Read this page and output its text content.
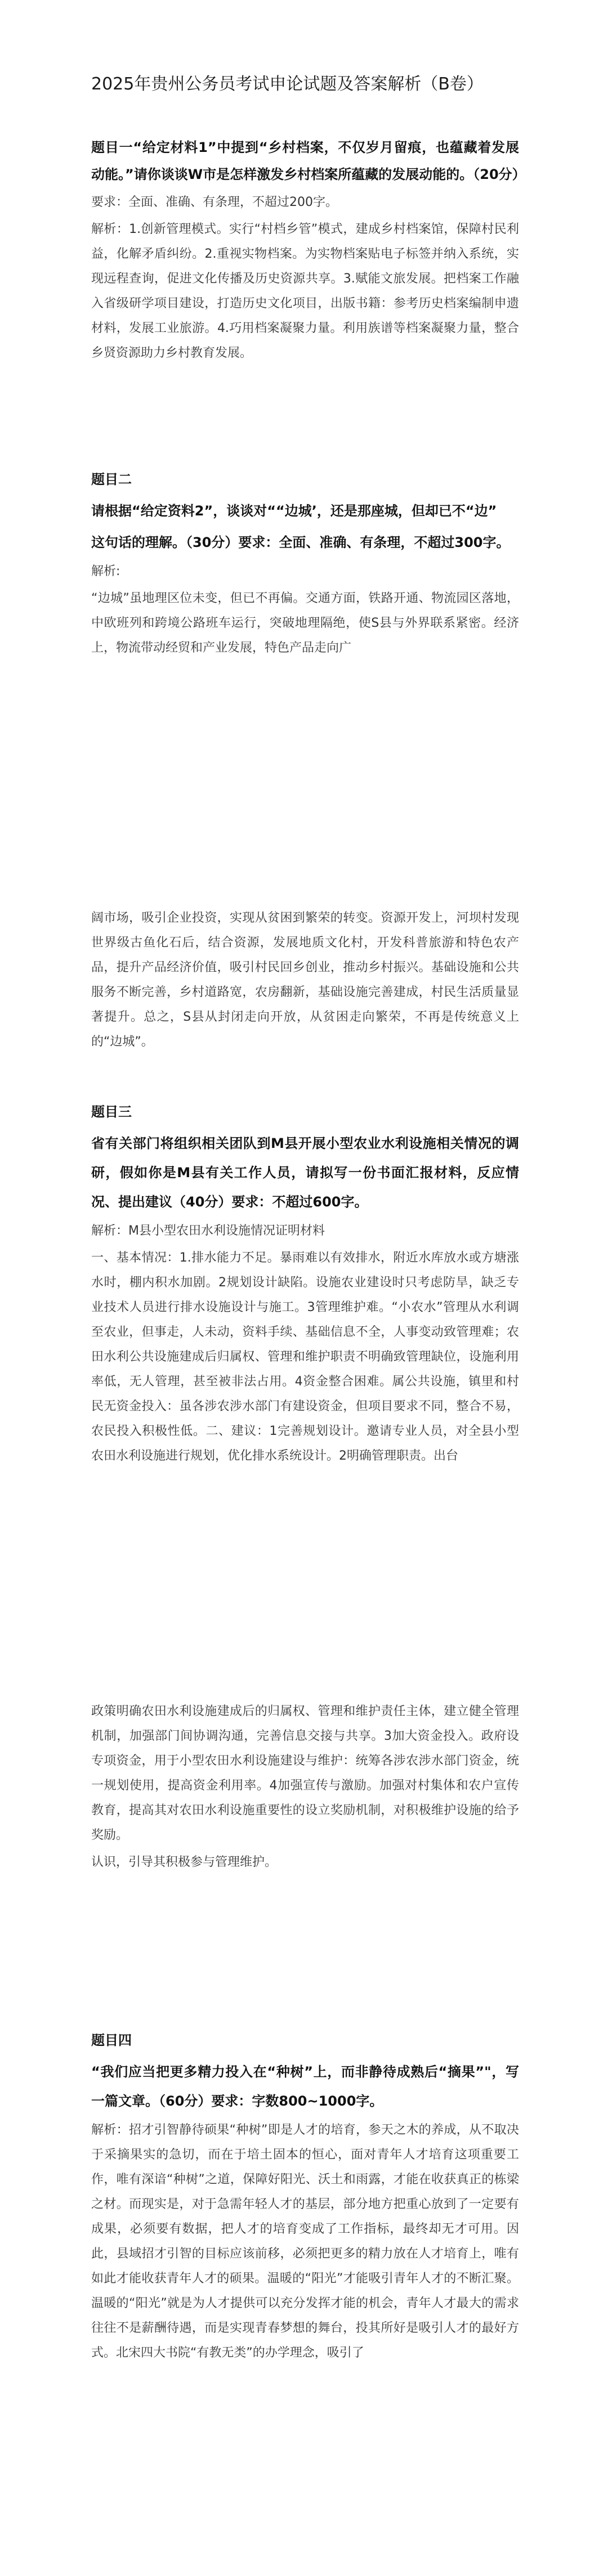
2025年贵州公务员考试申论试题及答案解析（B卷）

题目一“给定材料1”中提到“乡村档案，不仅岁月留痕，也蕴藏着发展动能。”请你谈谈W市是怎样激发乡村档案所蕴藏的发展动能的。（20分）

要求：全面、准确、有条理，不超过200字。

解析：1.创新管理模式。实行“村档乡管”模式，建成乡村档案馆，保障村民利益，化解矛盾纠纷。2.重视实物档案。为实物档案贴电子标签并纳入系统，实现远程查询，促进文化传播及历史资源共享。3.赋能文旅发展。把档案工作融入省级研学项目建设，打造历史文化项目，出版书籍：参考历史档案编制申遗材料，发展工业旅游。4.巧用档案凝聚力量。利用族谱等档案凝聚力量，整合乡贤资源助力乡村教育发展。

题目二

请根据“给定资料2”，谈谈对““边城’，还是那座城，但却已不“边”

这句话的理解。（30分）要求：全面、准确、有条理，不超过300字。

解析:

“边城”虽地理区位未变，但已不再偏。交通方面，铁路开通、物流园区落地，中欧班列和跨境公路班车运行，突破地理隔绝，使S县与外界联系紧密。经济上，物流带动经贸和产业发展，特色产品走向广

阔市场，吸引企业投资，实现从贫困到繁荣的转变。资源开发上，河坝村发现世界级古鱼化石后，结合资源，发展地质文化村，开发科普旅游和特色农产品，提升产品经济价值，吸引村民回乡创业，推动乡村振兴。基础设施和公共服务不断完善，乡村道路宽，农房翻新，基础设施完善建成，村民生活质量显著提升。总之，S县从封闭走向开放，从贫困走向繁荣，不再是传统意义上的“边城”。

题目三

省有关部门将组织相关团队到M县开展小型农业水利设施相关情况的调研，假如你是M县有关工作人员，请拟写一份书面汇报材料，反应情况、提出建议（40分）要求：不超过600字。

解析：M县小型农田水利设施情况证明材料

一、基本情况：1.排水能力不足。暴雨难以有效排水，附近水库放水或方塘涨水时，棚内积水加剧。2规划设计缺陷。设施农业建设时只考虑防旱，缺乏专业技术人员进行排水设施设计与施工。3管理维护难。“小农水”管理从水利调至农业，但事走，人未动，资料手续、基础信息不全，人事变动致管理难；农田水利公共设施建成后归属权、管理和维护职责不明确致管理缺位，设施利用率低，无人管理，甚至被非法占用。4资金整合困难。属公共设施，镇里和村民无资金投入：虽各涉农涉水部门有建设资金，但项目要求不同，整合不易，农民投入积极性低。二、建议：1完善规划设计。邀请专业人员，对全县小型农田水利设施进行规划，优化排水系统设计。2明确管理职责。出台

政策明确农田水利设施建成后的归属权、管理和维护责任主体，建立健全管理机制，加强部门间协调沟通，完善信息交接与共享。3加大资金投入。政府设专项资金，用于小型农田水利设施建设与维护：统筹各涉农涉水部门资金，统一规划使用，提高资金利用率。4加强宣传与激励。加强对村集体和农户宣传教育，提高其对农田水利设施重要性的设立奖励机制，对积极维护设施的给予奖励。

认识，引导其积极参与管理维护。

题目四

“我们应当把更多精力投入在“种树”上，而非静待成熟后“摘果”"，写一篇文章。（60分）要求：字数800~1000字。

解析：招才引智静待硕果“种树”即是人才的培育，参天之木的养成，从不取决于采摘果实的急切，而在于培土固本的恒心，面对青年人才培育这项重要工作，唯有深谙“种树”之道，保障好阳光、沃土和雨露，才能在收获真正的栋梁之材。而现实是，对于急需年轻人才的基层，部分地方把重心放到了一定要有成果，必须要有数据，把人才的培育变成了工作指标，最终却无才可用。因此，县域招才引智的目标应该前移，必须把更多的精力放在人才培育上，唯有如此才能收获青年人才的硕果。温暖的“阳光”才能吸引青年人才的不断汇聚。温暖的“阳光”就是为人才提供可以充分发挥才能的机会，青年人才最大的需求往往不是薪酬待遇，而是实现青春梦想的舞台，投其所好是吸引人才的最好方式。北宋四大书院“有教无类”的办学理念，吸引了
